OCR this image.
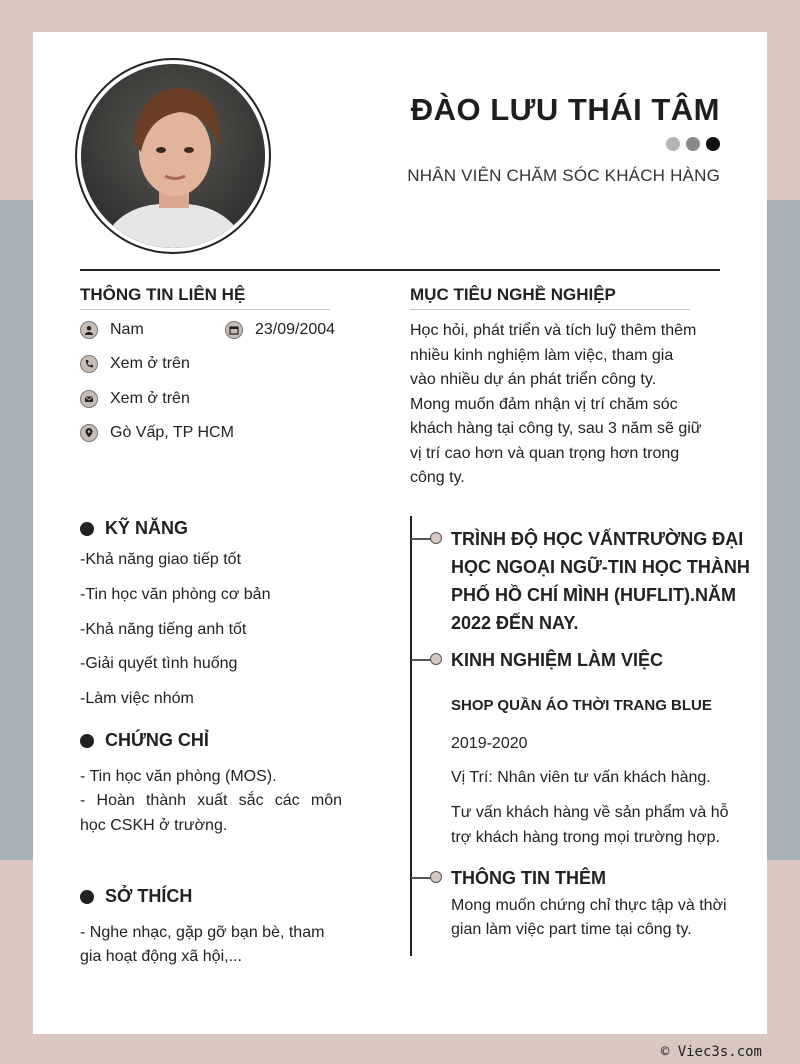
ĐÀO LƯU THÁI TÂM
NHÂN VIÊN CHĂM SÓC KHÁCH HÀNG
THÔNG TIN LIÊN HỆ
Nam	23/09/2004
Xem ở trên
Xem ở trên
Gò Vấp, TP HCM
MỤC TIÊU NGHỀ NGHIỆP
Học hỏi, phát triển và tích luỹ thêm thêm
nhiều kinh nghiệm làm việc, tham gia
vào nhiều dự án phát triển công ty.
Mong muốn đảm nhận vị trí chăm sóc
khách hàng tại công ty, sau 3 năm sẽ giữ
vị trí cao hơn và quan trọng hơn trong
công ty.
KỸ NĂNG
-Khả năng giao tiếp tốt
-Tin học văn phòng cơ bản
-Khả năng tiếng anh tốt
-Giải quyết tình huống
-Làm việc nhóm
CHỨNG CHỈ
- Tin học văn phòng (MOS).
- Hoàn thành xuất sắc các môn
học CSKH ở trường.
SỞ THÍCH
- Nghe nhạc, gặp gỡ bạn bè, tham
gia hoạt động xã hội,...
TRÌNH ĐỘ HỌC VẤNTRƯỜNG ĐẠI
HỌC NGOẠI NGỮ-TIN HỌC THÀNH
PHỐ HỒ CHÍ MÌNH (HUFLIT).NĂM
2022 ĐẾN NAY.
KINH NGHIỆM LÀM VIỆC
SHOP QUẦN ÁO THỜI TRANG BLUE
2019-2020
Vị Trí: Nhân viên tư vấn khách hàng.
Tư vấn khách hàng về sản phẩm và hỗ
trợ khách hàng trong mọi trường hợp.
THÔNG TIN THÊM
Mong muốn chứng chỉ thực tập và thời
gian làm việc part time tại công ty.
© Viec3s.com
